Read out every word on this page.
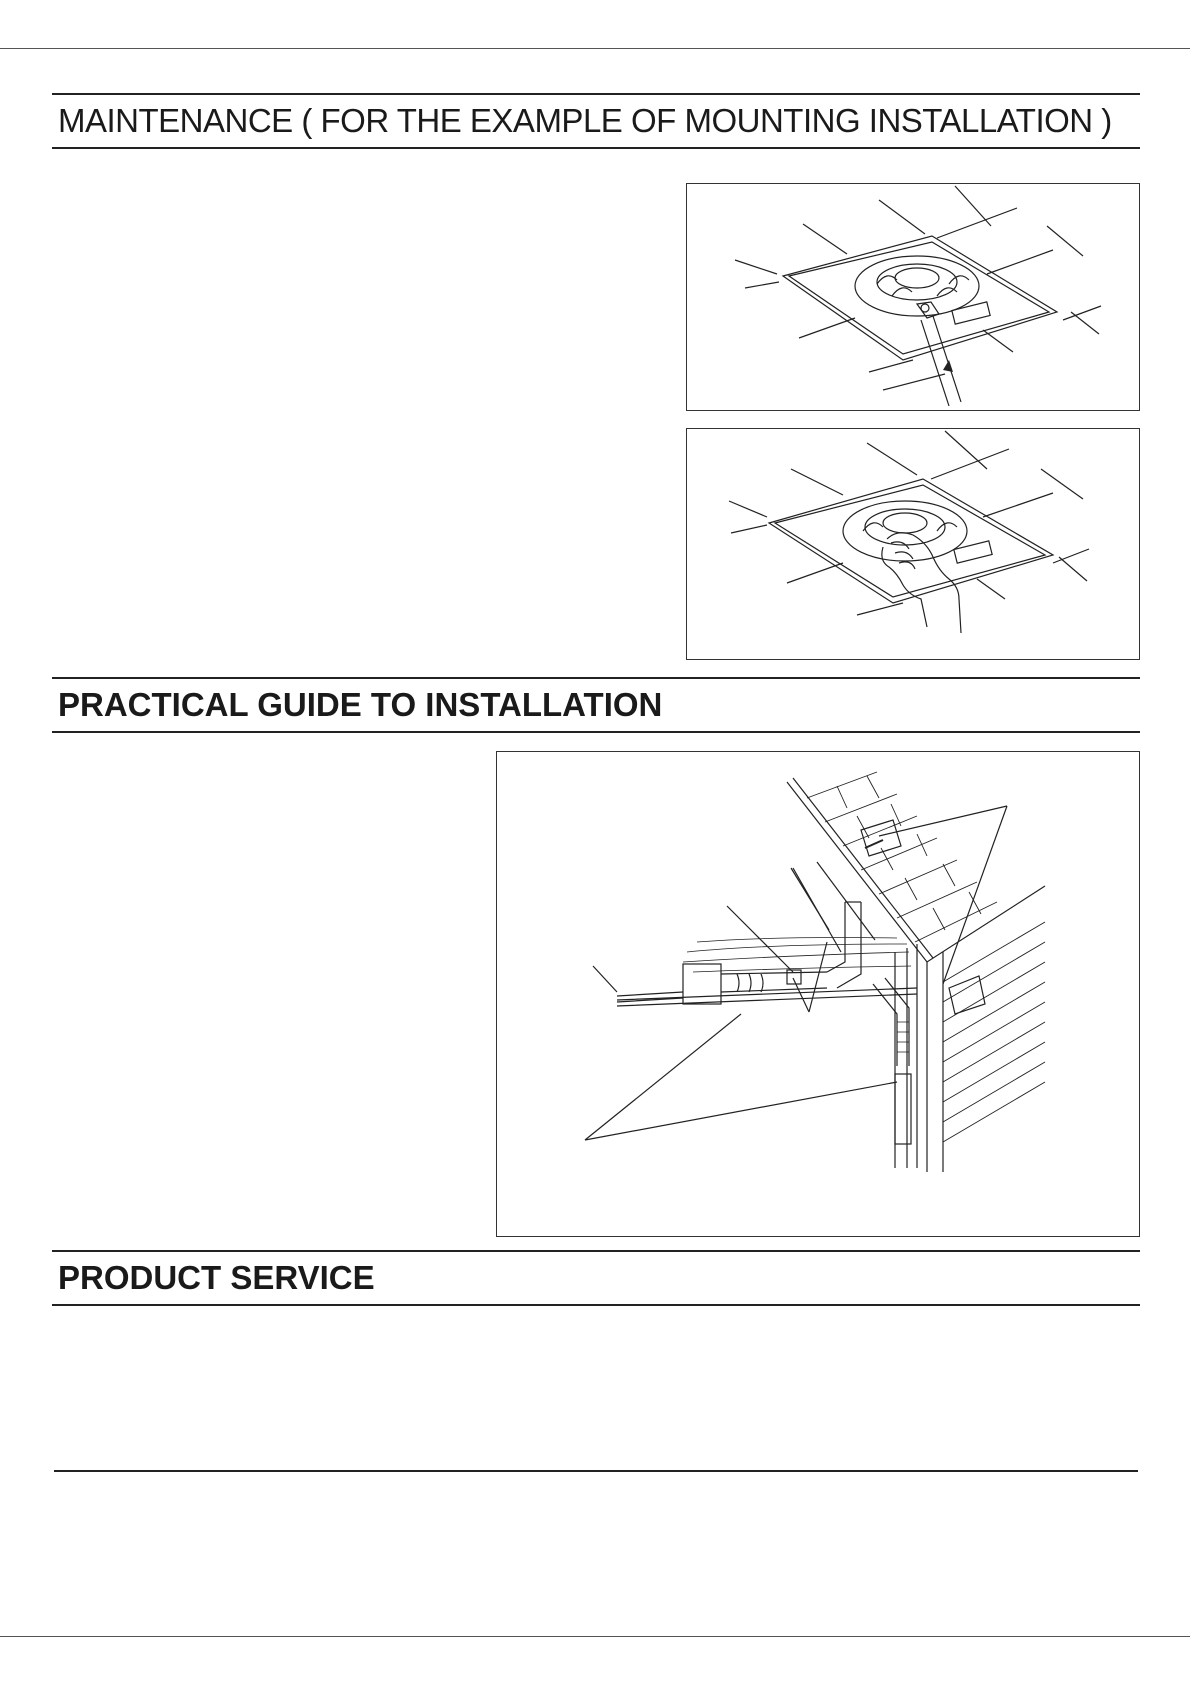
MAINTENANCE ( FOR THE EXAMPLE OF MOUNTING INSTALLATION )
PRACTICAL GUIDE TO INSTALLATION
PRODUCT SERVICE
